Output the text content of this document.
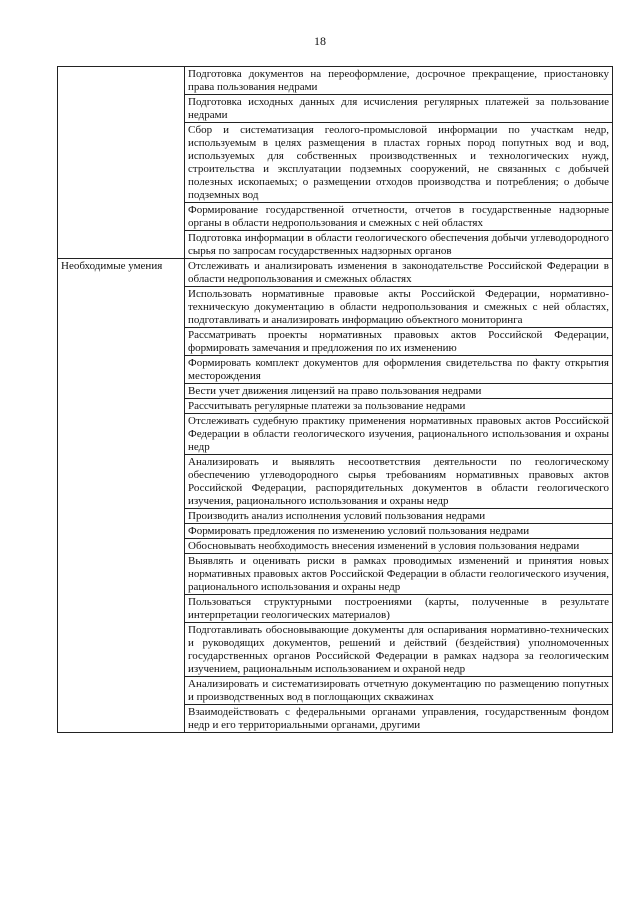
18
	Подготовка документов на переоформление, досрочное прекращение, приостановку права пользования недрами
	Подготовка исходных данных для исчисления регулярных платежей за пользование недрами
	Сбор и систематизация геолого-промысловой информации по участкам недр, используемым в целях размещения в пластах горных пород попутных вод и вод, используемых для собственных производственных и технологических нужд, строительства и эксплуатации подземных сооружений, не связанных с добычей полезных ископаемых; о размещении отходов производства и потребления; о добыче подземных вод
	Формирование государственной отчетности, отчетов в государственные надзорные органы в области недропользования и смежных с ней областях
	Подготовка информации в области геологического обеспечения добычи углеводородного сырья по запросам государственных надзорных органов
Необходимые умения	Отслеживать и анализировать изменения в законодательстве Российской Федерации в области недропользования и смежных областях
	Использовать нормативные правовые акты Российской Федерации, нормативно-техническую документацию в области недропользования и смежных с ней областях, подготавливать и анализировать информацию объектного мониторинга
	Рассматривать проекты нормативных правовых актов Российской Федерации, формировать замечания и предложения по их изменению
	Формировать комплект документов для оформления свидетельства по факту открытия месторождения
	Вести учет движения лицензий на право пользования недрами
	Рассчитывать регулярные платежи за пользование недрами
	Отслеживать судебную практику применения нормативных правовых актов Российской Федерации в области геологического изучения, рационального использования и охраны недр
	Анализировать и выявлять несоответствия деятельности по геологическому обеспечению углеводородного сырья требованиям нормативных правовых актов Российской Федерации, распорядительных документов в области геологического изучения, рационального использования и охраны недр
	Производить анализ исполнения условий пользования недрами
	Формировать предложения по изменению условий пользования недрами
	Обосновывать необходимость внесения изменений в условия пользования недрами
	Выявлять и оценивать риски в рамках проводимых изменений и принятия новых нормативных правовых актов Российской Федерации в области геологического изучения, рационального использования и охраны недр
	Пользоваться структурными построениями (карты, полученные в результате интерпретации геологических материалов)
	Подготавливать обосновывающие документы для оспаривания нормативно-технических и руководящих документов, решений и действий (бездействия) уполномоченных государственных органов Российской Федерации в рамках надзора за геологическим изучением, рациональным использованием и охраной недр
	Анализировать и систематизировать отчетную документацию по размещению попутных и производственных вод в поглощающих скважинах
	Взаимодействовать с федеральными органами управления, государственным фондом недр и его территориальными органами, другими
